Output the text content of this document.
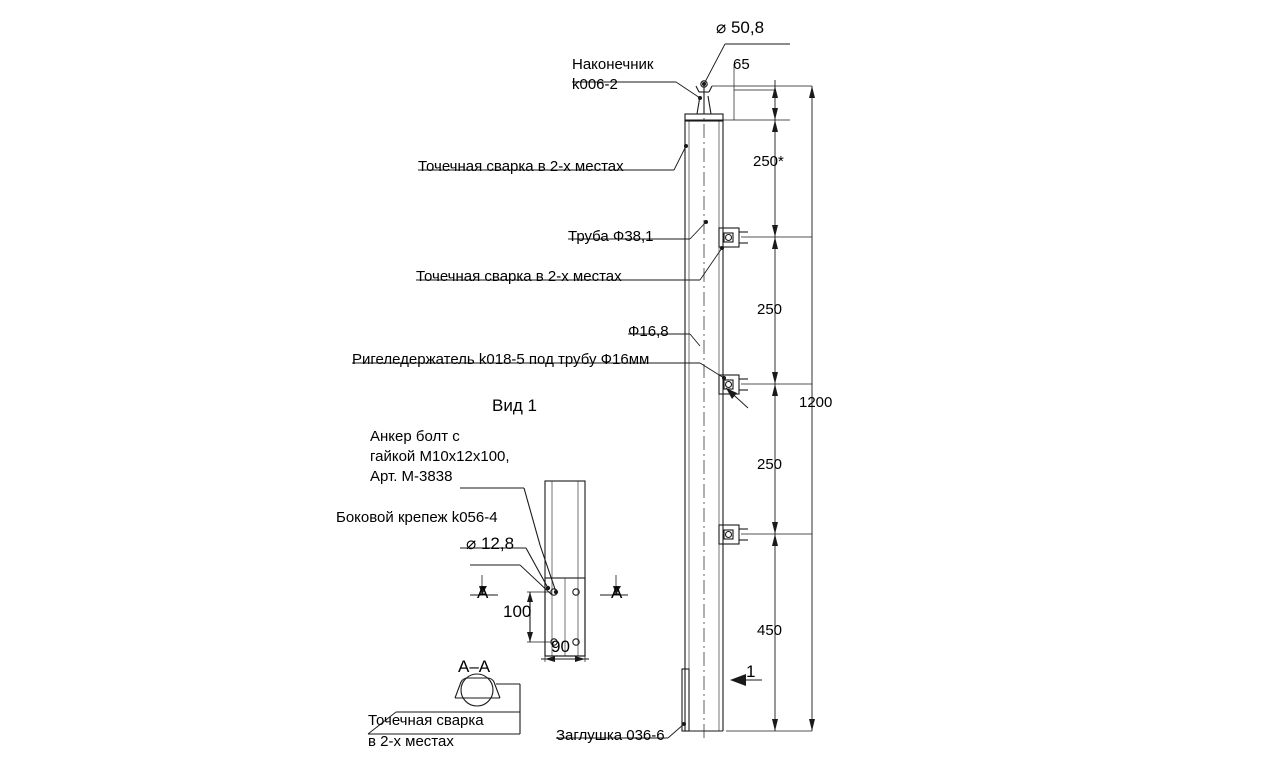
⌀ 50,8
Наконечник
k006-2
65
Точечная сварка в 2-х местах
Труба Ф38,1
Точечная сварка в 2-х местах
Ф16,8
Ригеледержатель k018-5 под трубу Ф16мм
Вид 1
Анкер болт с
гайкой М10x12x100,
Арт. М-3838
Боковой крепеж k056-4
⌀ 12,8
100
90
A	A
A–A
Точечная сварка
в 2-х местах	Заглушка 036-6
1
250*
250
250
450
1200
